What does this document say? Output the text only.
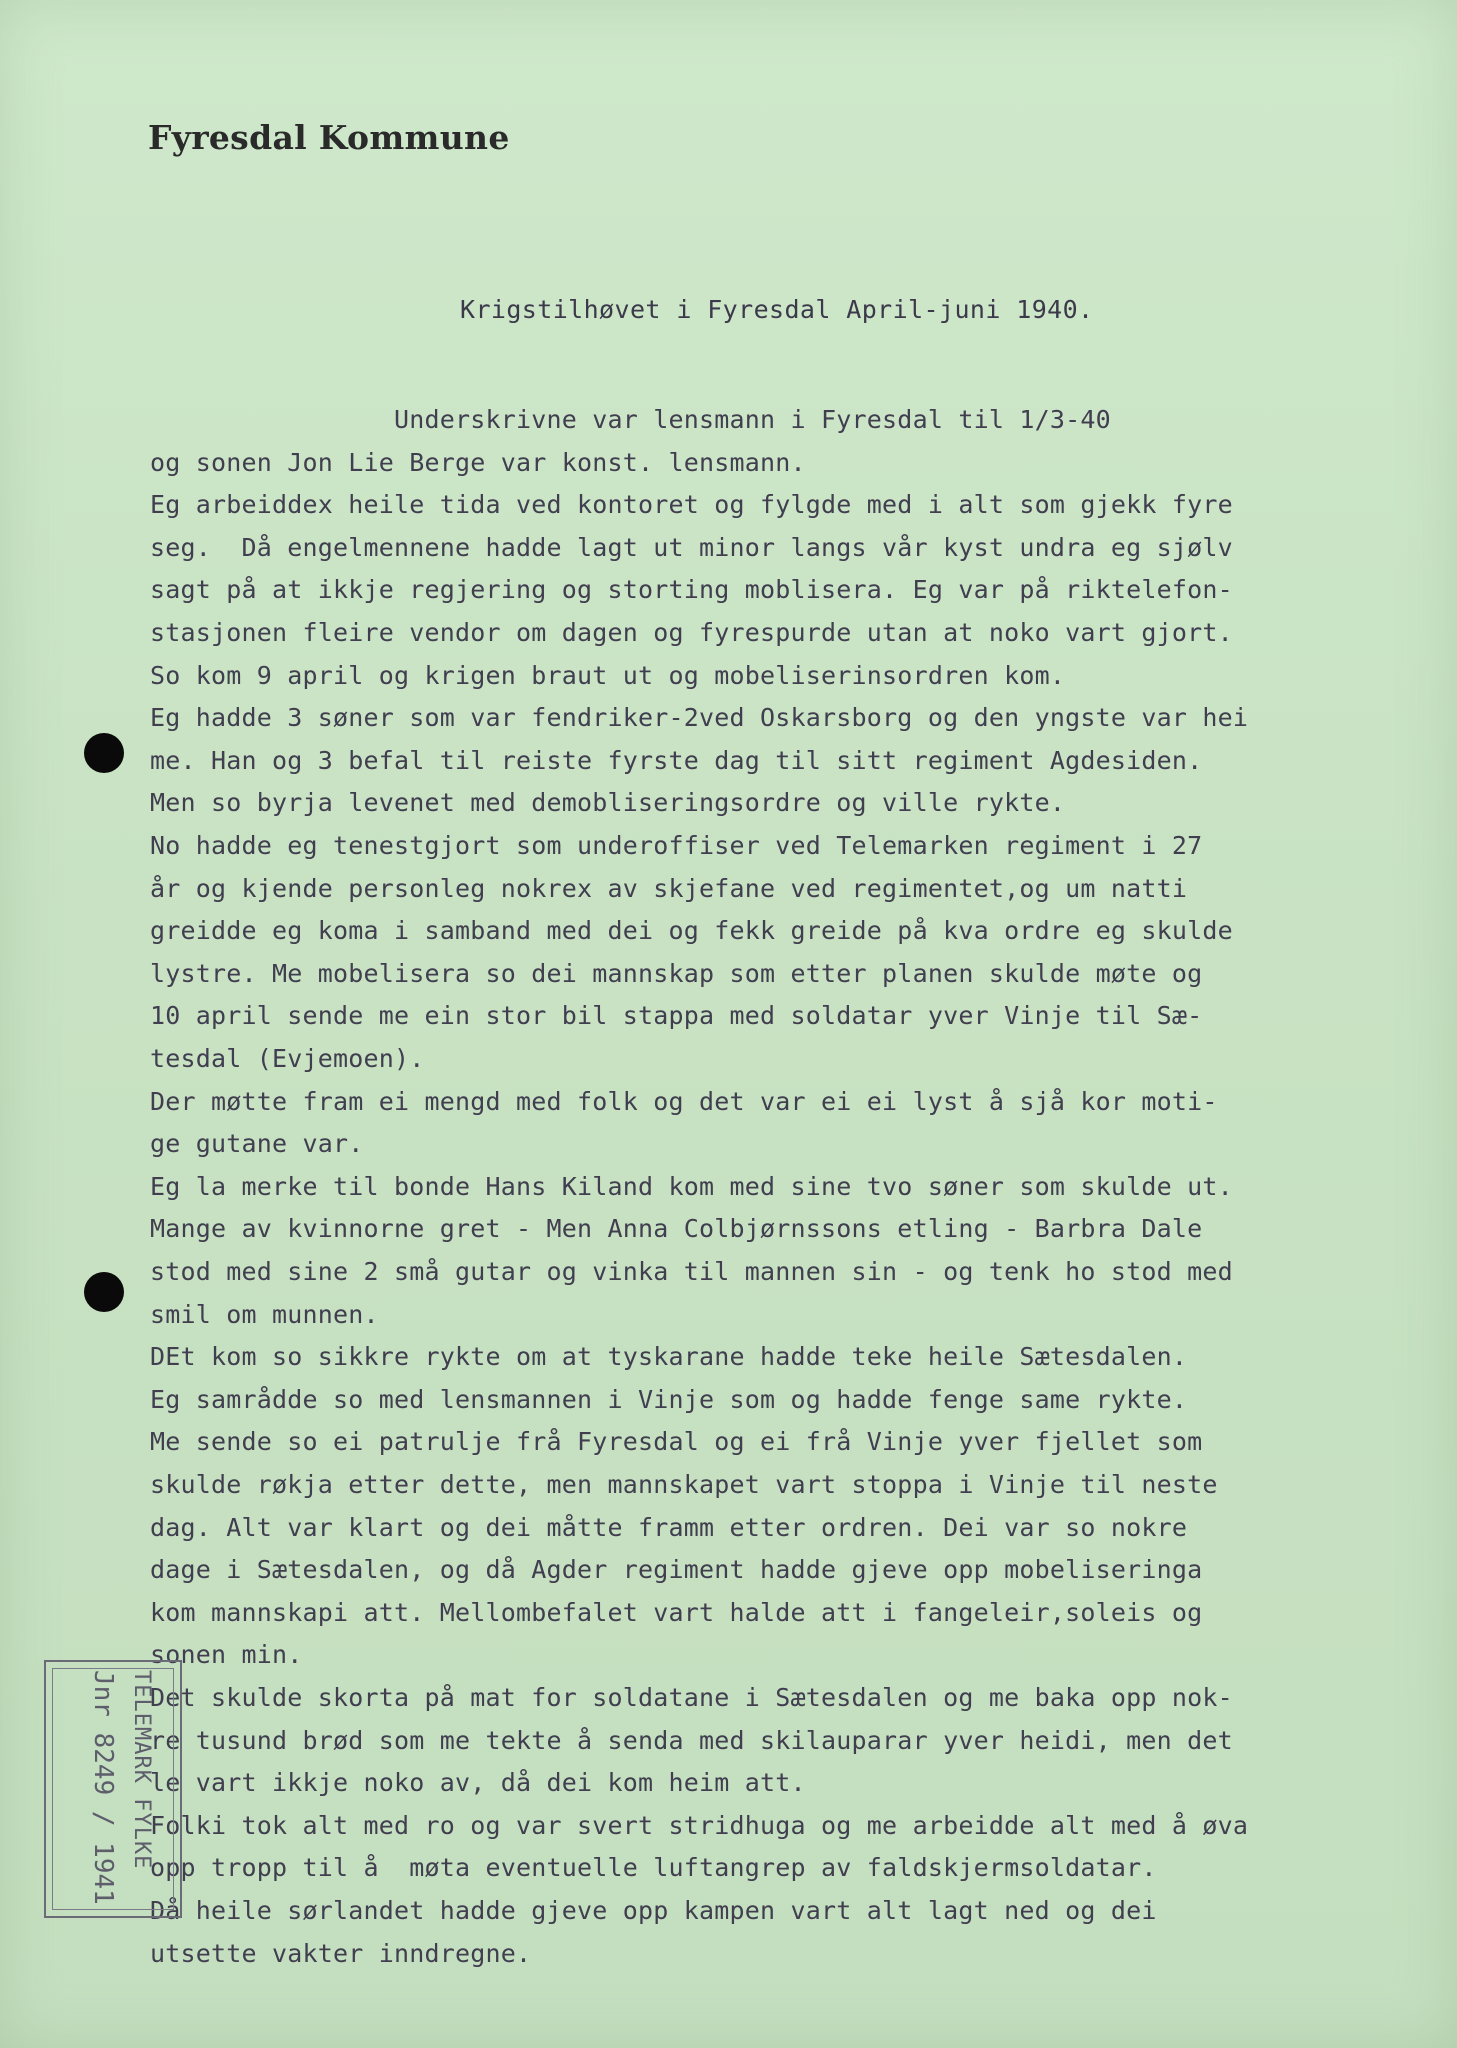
Fyresdal Kommune
Krigstilhøvet i Fyresdal April-juni 1940.
Underskrivne var lensmann i Fyresdal til 1/3-40
og sonen Jon Lie Berge var konst. lensmann.
Eg arbeiddex heile tida ved kontoret og fylgde med i alt som gjekk fyre
seg.  Då engelmennene hadde lagt ut minor langs vår kyst undra eg sjølv
sagt på at ikkje regjering og storting moblisera. Eg var på riktelefon-
stasjonen fleire vendor om dagen og fyrespurde utan at noko vart gjort.
So kom 9 april og krigen braut ut og mobeliserinsordren kom.
Eg hadde 3 søner som var fendriker-2ved Oskarsborg og den yngste var hei
me. Han og 3 befal til reiste fyrste dag til sitt regiment Agdesiden.
Men so byrja levenet med demobliseringsordre og ville rykte.
No hadde eg tenestgjort som underoffiser ved Telemarken regiment i 27
år og kjende personleg nokrex av skjefane ved regimentet,og um natti
greidde eg koma i samband med dei og fekk greide på kva ordre eg skulde
lystre. Me mobelisera so dei mannskap som etter planen skulde møte og
10 april sende me ein stor bil stappa med soldatar yver Vinje til Sæ-
tesdal (Evjemoen).
Der møtte fram ei mengd med folk og det var ei ei lyst å sjå kor moti-
ge gutane var.
Eg la merke til bonde Hans Kiland kom med sine tvo søner som skulde ut.
Mange av kvinnorne gret - Men Anna Colbjørnssons etling - Barbra Dale
stod med sine 2 små gutar og vinka til mannen sin - og tenk ho stod med
smil om munnen.
DEt kom so sikkre rykte om at tyskarane hadde teke heile Sætesdalen.
Eg samrådde so med lensmannen i Vinje som og hadde fenge same rykte.
Me sende so ei patrulje frå Fyresdal og ei frå Vinje yver fjellet som
skulde røkja etter dette, men mannskapet vart stoppa i Vinje til neste
dag. Alt var klart og dei måtte framm etter ordren. Dei var so nokre
dage i Sætesdalen, og då Agder regiment hadde gjeve opp mobeliseringa
kom mannskapi att. Mellombefalet vart halde att i fangeleir,soleis og
sonen min.
Det skulde skorta på mat for soldatane i Sætesdalen og me baka opp nok-
re tusund brød som me tekte å senda med skilauparar yver heidi, men det
le vart ikkje noko av, då dei kom heim att.
Folki tok alt med ro og var svert stridhuga og me arbeidde alt med å øva
opp tropp til å  møta eventuelle luftangrep av faldskjermsoldatar.
Då heile sørlandet hadde gjeve opp kampen vart alt lagt ned og dei
utsette vakter inndregne.
Jnr 8249 / 1941 TELEMARK FYLKE
